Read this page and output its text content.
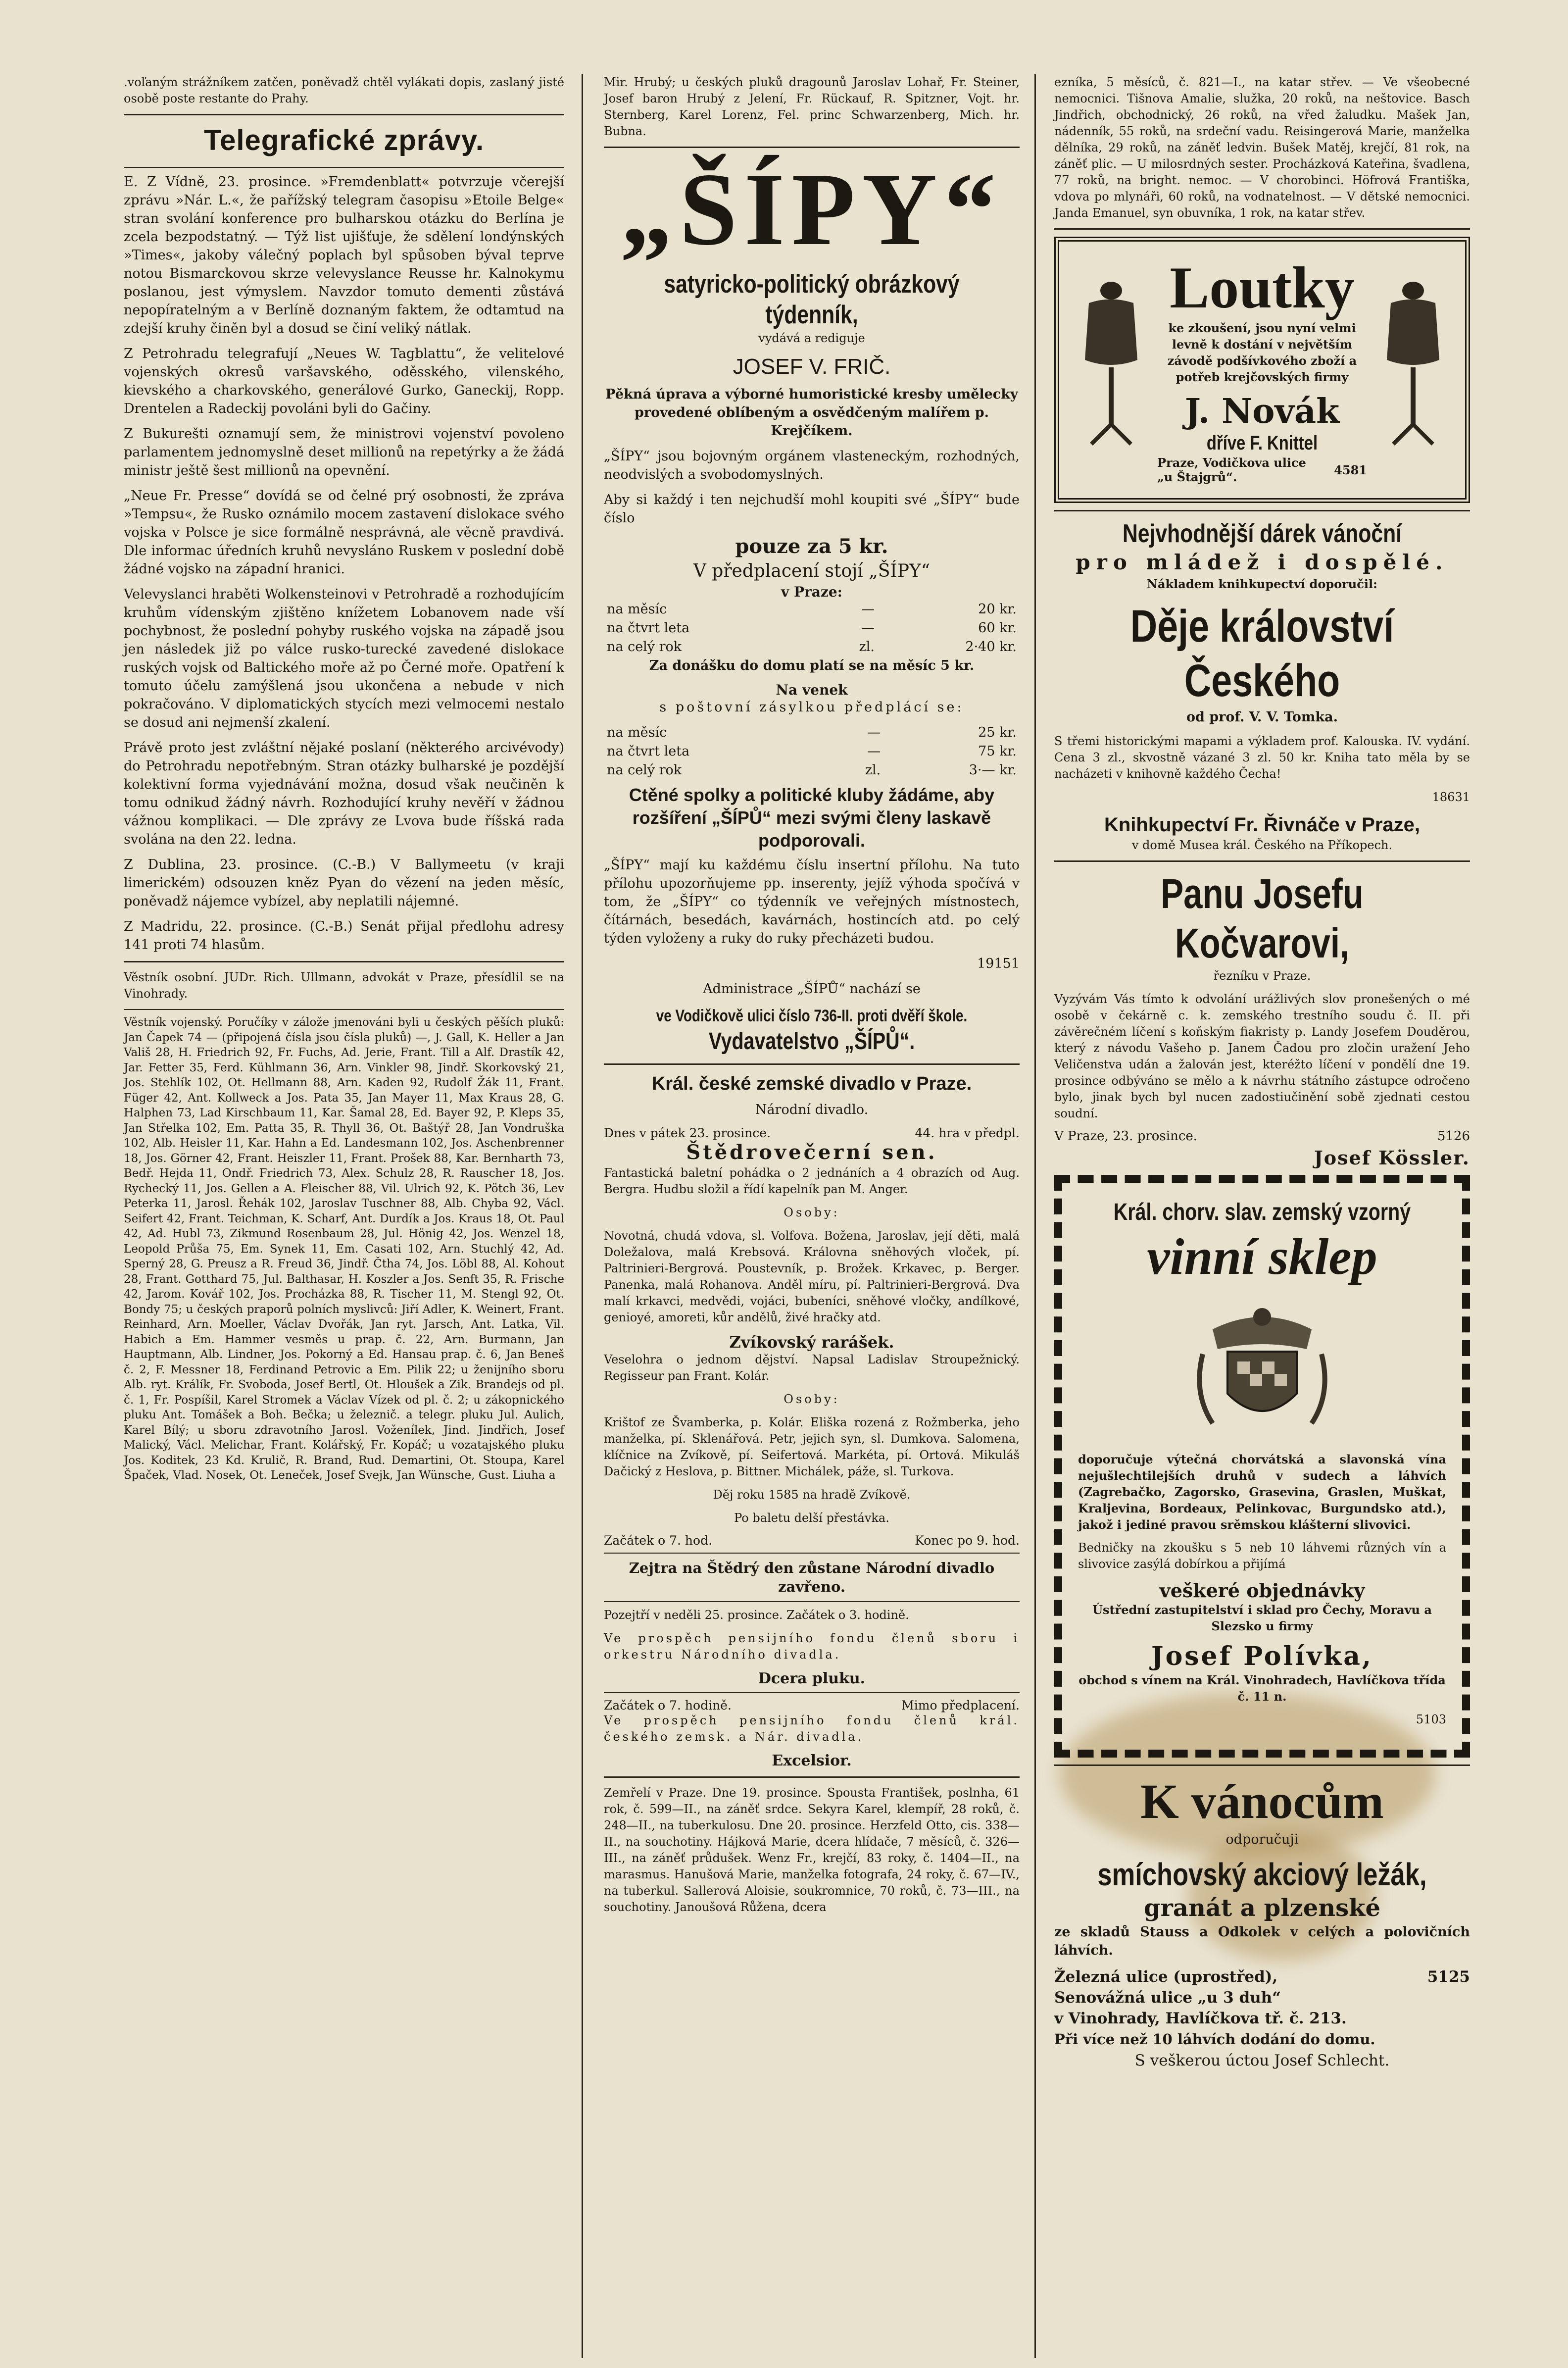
.voľaným strážníkem zatčen, poněvadž chtěl vylákati dopis, zaslaný jisté osobě poste restante do Prahy.

Telegrafické zprávy.

E. Z Vídně, 23. prosince. »Fremdenblatt« potvrzuje včerejší zprávu »Nár. L.«, že pařížský telegram časopisu »Etoile Belge« stran svolání konference pro bulharskou otázku do Berlína je zcela bezpodstatný. — Týž list ujišťuje, že sdělení londýnských »Times«, jakoby válečný poplach byl spůsoben býval teprve notou Bismarckovou skrze velevyslance Reusse hr. Kalnokymu poslanou, jest výmyslem. Navzdor tomuto dementi zůstává nepopíratelným a v Berlíně doznaným faktem, že odtamtud na zdejší kruhy činěn byl a dosud se činí veliký nátlak.

Z Petrohradu telegrafují „Neues W. Tagblattu“, že velitelové vojenských okresů varšavského, oděsského, vilenského, kievského a charkovského, generálové Gurko, Ganeckij, Ropp. Drentelen a Radeckij povoláni byli do Gačiny.

Z Bukurešti oznamují sem, že ministrovi vojenství povoleno parlamentem jednomyslně deset millionů na repetýrky a že žádá ministr ještě šest millionů na opevnění.

„Neue Fr. Presse“ dovídá se od čelné prý osobnosti, že zpráva »Tempsu«, že Rusko oznámilo mocem zastavení dislokace svého vojska v Polsce je sice formálně nesprávná, ale věcně pravdivá. Dle informac úředních kruhů nevysláno Ruskem v poslední době žádné vojsko na západní hranici.

Velevyslanci hraběti Wolkensteinovi v Petrohradě a rozhodujícím kruhům vídenským zjištěno knížetem Lobanovem nade vší pochybnost, že poslední pohyby ruského vojska na západě jsou jen následek již po válce rusko-turecké zavedené dislokace ruských vojsk od Baltického moře až po Černé moře. Opatření k tomuto účelu zamýšlená jsou ukončena a nebude v nich pokračováno. V diplomatických stycích mezi velmocemi nestalo se dosud ani nejmenší zkalení.

Právě proto jest zvláštní nějaké poslaní (některého arcivévody) do Petrohradu nepotřebným. Stran otázky bulharské je pozdější kolektivní forma vyjednávání možna, dosud však neučiněn k tomu odnikud žádný návrh. Rozhodující kruhy nevěří v žádnou vážnou komplikaci. — Dle zprávy ze Lvova bude říšská rada svolána na den 22. ledna.

Z Dublina, 23. prosince. (C.-B.) V Ballymeetu (v kraji limerickém) odsouzen kněz Pyan do vězení na jeden měsíc, poněvadž nájemce vybízel, aby neplatili nájemné.

Z Madridu, 22. prosince. (C.-B.) Senát přijal předlohu adresy 141 proti 74 hlasům.

Věstník osobní. JUDr. Rich. Ullmann, advokát v Praze, přesídlil se na Vinohrady.

Věstník vojenský. Poručíky v zálože jmenováni byli u českých pěších pluků: Jan Čapek 74 — (připojená čísla jsou čísla pluků) —, J. Gall, K. Heller a Jan Vališ 28, H. Friedrich 92, Fr. Fuchs, Ad. Jerie, Frant. Till a Alf. Drastík 42, Jar. Fetter 35, Ferd. Kühlmann 36, Arn. Vinkler 98, Jindř. Skorkovský 21, Jos. Stehlík 102, Ot. Hellmann 88, Arn. Kaden 92, Rudolf Žák 11, Frant. Füger 42, Ant. Kollweck a Jos. Pata 35, Jan Mayer 11, Max Kraus 28, G. Halphen 73, Lad Kirschbaum 11, Kar. Šamal 28, Ed. Bayer 92, P. Kleps 35, Jan Střelka 102, Em. Patta 35, R. Thyll 36, Ot. Baštýř 28, Jan Vondruška 102, Alb. Heisler 11, Kar. Hahn a Ed. Landesmann 102, Jos. Aschenbrenner 18, Jos. Görner 42, Frant. Heiszler 11, Frant. Prošek 88, Kar. Bernharth 73, Bedř. Hejda 11, Ondř. Friedrich 73, Alex. Schulz 28, R. Rauscher 18, Jos. Rychecký 11, Jos. Gellen a A. Fleischer 88, Vil. Ulrich 92, K. Pötch 36, Lev Peterka 11, Jarosl. Řehák 102, Jaroslav Tuschner 88, Alb. Chyba 92, Václ. Seifert 42, Frant. Teichman, K. Scharf, Ant. Durdík a Jos. Kraus 18, Ot. Paul 42, Ad. Hubl 73, Zikmund Rosenbaum 28, Jul. Hönig 42, Jos. Wenzel 18, Leopold Průša 75, Em. Synek 11, Em. Casati 102, Arn. Stuchlý 42, Ad. Sperný 28, G. Preusz a R. Freud 36, Jindř. Čtha 74, Jos. Löbl 88, Al. Kohout 28, Frant. Gotthard 75, Jul. Balthasar, H. Koszler a Jos. Senft 35, R. Frische 42, Jarom. Kovář 102, Jos. Procházka 88, R. Tischer 11, M. Stengl 92, Ot. Bondy 75; u českých praporů polních myslivců: Jiří Adler, K. Weinert, Frant. Reinhard, Arn. Moeller, Václav Dvořák, Jan ryt. Jarsch, Ant. Latka, Vil. Habich a Em. Hammer vesměs u prap. č. 22, Arn. Burmann, Jan Hauptmann, Alb. Lindner, Jos. Pokorný a Ed. Hansau prap. č. 6, Jan Beneš č. 2, F. Messner 18, Ferdinand Petrovic a Em. Pilik 22; u ženijního sboru Alb. ryt. Králík, Fr. Svoboda, Josef Bertl, Ot. Hloušek a Zik. Brandejs od pl. č. 1, Fr. Pospíšil, Karel Stromek a Václav Vízek od pl. č. 2; u zákopnického pluku Ant. Tomášek a Boh. Bečka; u železnič. a telegr. pluku Jul. Aulich, Karel Bílý; u sboru zdravotního Jarosl. Voženílek, Jind. Jindřich, Josef Malický, Václ. Melichar, Frant. Kolářský, Fr. Kopáč; u vozatajského pluku Jos. Koditek, 23 Kd. Krulič, R. Brand, Rud. Demartini, Ot. Stoupa, Karel Špaček, Vlad. Nosek, Ot. Leneček, Josef Svejk, Jan Wünsche, Gust. Liuha a

Mir. Hrubý; u českých pluků dragounů Jaroslav Lohař, Fr. Steiner, Josef baron Hrubý z Jelení, Fr. Rückauf, R. Spitzner, Vojt. hr. Sternberg, Karel Lorenz, Fel. princ Schwarzenberg, Mich. hr. Bubna.

„ŠÍPY“
satyricko-politický obrázkový týdenník,

vydává a rediguje

JOSEF V. FRIČ.

Pěkná úprava a výborné humoristické kresby umělecky provedené oblíbeným a osvědčeným malířem p. Krejčíkem.

„ŠÍPY“ jsou bojovným orgánem vlasteneckým, rozhodných, neodvislých a svobodomyslných.

Aby si každý i ten nejchudší mohl koupiti své „ŠÍPY“ bude číslo

pouze za 5 kr.
V předplacení stojí „ŠÍPY“
v Praze:
na měsíc	—	20 kr.
na čtvrt leta	—	60 kr.
na celý rok	zl.	2·40 kr.

Za donášku do domu platí se na měsíc 5 kr.

Na venek

s poštovní zásylkou předplácí se:

na měsíc	—	25 kr.
na čtvrt leta	—	75 kr.
na celý rok	zl.	3·— kr.
Ctěné spolky a politické kluby žádáme, aby rozšíření „ŠÍPŮ“ mezi svými členy laskavě podporovali.

„ŠÍPY“ mají ku každému číslu insertní přílohu. Na tuto přílohu upozorňujeme pp. inserenty, jejíž výhoda spočívá v tom, že „ŠÍPY“ co týdenník ve veřejných místnostech, čítárnách, besedách, kavárnách, hostincích atd. po celý týden vyloženy a ruky do ruky přecházeti budou.

19151

Administrace „ŠÍPŮ“ nachází se

ve Vodičkově ulici číslo 736-II. proti dvěří škole.
Vydavatelstvo „ŠÍPŮ“.
Král. české zemské divadlo v Praze.

Národní divadlo.

Dnes v pátek 23. prosince.	44. hra v předpl.
Štědrovečerní sen.

Fantastická baletní pohádka o 2 jednáních a 4 obrazích od Aug. Bergra. Hudbu složil a řídí kapelník pan M. Anger.

Osoby:

Novotná, chudá vdova, sl. Volfova. Božena, Jaroslav, její děti, malá Doležalova, malá Krebsová. Královna sněhových vloček, pí. Paltrinieri-Bergrová. Poustevník, p. Brožek. Krkavec, p. Berger. Panenka, malá Rohanova. Anděl míru, pí. Paltrinieri-Bergrová. Dva malí krkavci, medvědi, vojáci, bubeníci, sněhové vločky, andílkové, genioyé, amoreti, kůr andělů, živé hračky atd.

Zvíkovský rarášek.

Veselohra o jednom dějství. Napsal Ladislav Stroupežnický. Regisseur pan Frant. Kolár.

Osoby:

Krištof ze Švamberka, p. Kolár. Eliška rozená z Rožmberka, jeho manželka, pí. Sklenářová. Petr, jejich syn, sl. Dumkova. Salomena, klíčnice na Zvíkově, pí. Seifertová. Markéta, pí. Ortová. Mikuláš Dačický z Heslova, p. Bittner. Michálek, páže, sl. Turkova.

Děj roku 1585 na hradě Zvíkově.

Po baletu delší přestávka.

Začátek o 7. hod.	Konec po 9. hod.
Zejtra na Štědrý den zůstane Národní divadlo zavřeno.

Pozejtří v neděli 25. prosince. Začátek o 3. hodině.

Ve prospěch pensijního fondu členů sboru i orkestru Národního divadla.

Dcera pluku.
Začátek o 7. hodině.	Mimo předplacení.

Ve prospěch pensijního fondu členů král. českého zemsk. a Nár. divadla.

Excelsior.

Zemřelí v Praze. Dne 19. prosince. Spousta František, poslnha, 61 rok, č. 599—II., na záněť srdce. Sekyra Karel, klempíř, 28 roků, č. 248—II., na tuberkulosu. Dne 20. prosince. Herzfeld Otto, cis. 338—II., na souchotiny. Hájková Marie, dcera hlídače, 7 měsíců, č. 326—III., na záněť průdušek. Wenz Fr., krejčí, 83 roky, č. 1404—II., na marasmus. Hanušová Marie, manželka fotografa, 24 roky, č. 67—IV., na tuberkul. Sallerová Aloisie, soukromnice, 70 roků, č. 73—III., na souchotiny. Janoušová Růžena, dcera

ezníka, 5 měsíců, č. 821—I., na katar střev. — Ve všeobecné nemocnici. Tišnova Amalie, služka, 20 roků, na neštovice. Basch Jindřich, obchodnický, 26 roků, na vřed žaludku. Mašek Jan, nádenník, 55 roků, na srdeční vadu. Reisingerová Marie, manželka dělníka, 29 roků, na záněť ledvin. Bušek Matěj, krejčí, 81 rok, na záněť plic. — U milosrdných sester. Procházková Kateřina, švadlena, 77 roků, na bright. nemoc. — V chorobinci. Höfrová Františka, vdova po mlynáři, 60 roků, na vodnatelnost. — V dětské nemocnici. Janda Emanuel, syn obuvníka, 1 rok, na katar střev.

Loutky

ke zkoušení, jsou nyní velmi levně k dostání v největším závodě podšívkového zboží a potřeb krejčovských firmy

J. Novák
dříve F. Knittel
Praze, Vodičkova ulice „u Štajgrů“.	4581
Nejvhodnější dárek vánoční
pro mládež i dospělé.

Nákladem knihkupectví doporučil:

Děje království Českého

od prof. V. V. Tomka.

S třemi historickými mapami a výkladem prof. Kalouska. IV. vydání. Cena 3 zl., skvostně vázané 3 zl. 50 kr. Kniha tato měla by se nacházeti v knihovně každého Čecha!

18631

Knihkupectví Fr. Řivnáče v Praze,

v domě Musea král. Českého na Příkopech.

Panu Josefu Kočvarovi,

řezníku v Praze.

Vyzývám Vás tímto k odvolání urážlivých slov pronešených o mé osobě v čekárně c. k. zemského trestního soudu č. II. při závěrečném líčení s koňským fiakristy p. Landy Josefem Douděrou, který z návodu Vašeho p. Janem Čadou pro zločin uražení Jeho Veličenstva udán a žalován jest, kteréžto líčení v pondělí dne 19. prosince odbýváno se mělo a k návrhu státního zástupce odročeno bylo, jinak bych byl nucen zadostiučinění sobě zjednati cestou soudní.

V Praze, 23. prosince.	5126
Josef Kössler.
Král. chorv. slav. zemský vzorný
vinní sklep

doporučuje výtečná chorvátská a slavonská vína nejušlechtilejších druhů v sudech a láhvích (Zagrebačko, Zagorsko, Grasevina, Graslen, Muškat, Kraljevina, Bordeaux, Pelinkovac, Burgundsko atd.), jakož i jediné pravou srěmskou klášterní slivovici.

Bedničky na zkoušku s 5 neb 10 láhvemi různých vín a slivovice zasýlá dobírkou a přijímá

veškeré objednávky

Ústřední zastupitelství i sklad pro Čechy, Moravu a Slezsko u firmy

Josef Polívka,

obchod s vínem na Král. Vinohradech, Havlíčkova třída č. 11 n.

5103

K vánocům

odporučuji

smíchovský akciový ležák,
granát a plzenské

ze skladů Stauss a Odkolek v celých a polovičních láhvích.

Železná ulice (uprostřed),	5125
Senovážná ulice „u 3 duh“
v Vinohrady, Havlíčkova tř. č. 213.
Při více než 10 láhvích dodání do domu.
S veškerou úctou Josef Schlecht.
